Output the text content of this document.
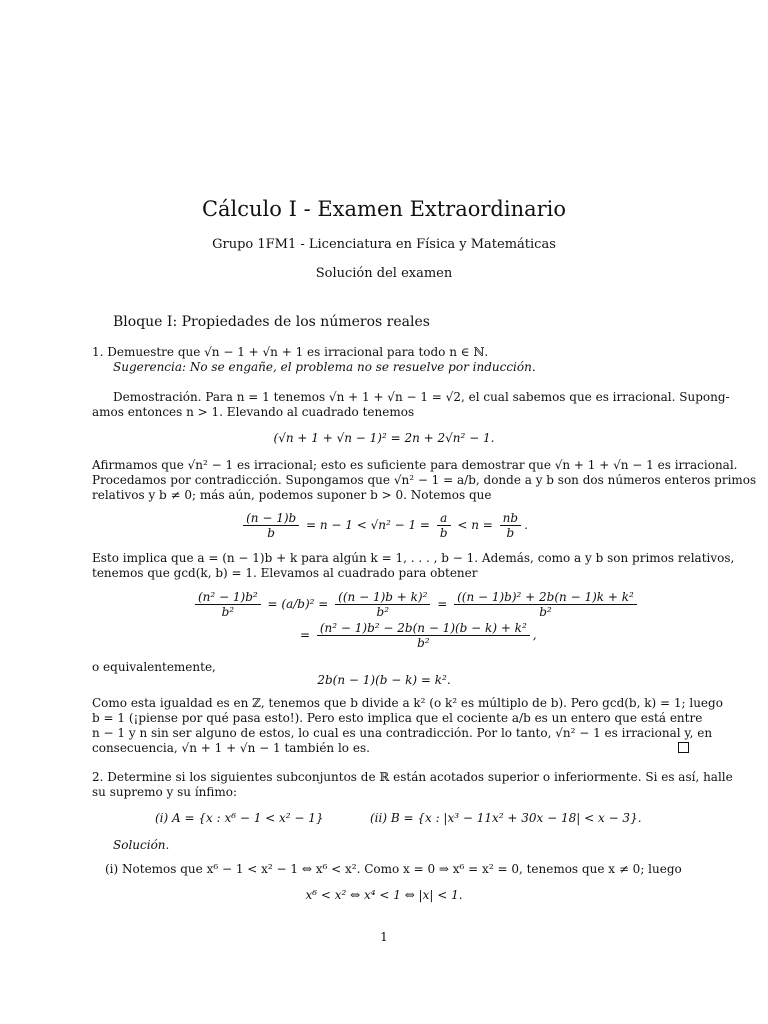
Cálculo I - Examen Extraordinario
Grupo 1FM1 - Licenciatura en Física y Matemáticas
Solución del examen
Bloque I: Propiedades de los números reales
1. Demuestre que √n − 1 + √n + 1 es irracional para todo n ∈ ℕ.
Sugerencia: No se engañe, el problema no se resuelve por inducción.
Demostración. Para n = 1 tenemos √n + 1 + √n − 1 = √2, el cual sabemos que es irracional. Supong-
amos entonces n > 1. Elevando al cuadrado tenemos
(√n + 1 + √n − 1)² = 2n + 2√n² − 1.
Afirmamos que √n² − 1 es irracional; esto es suficiente para demostrar que √n + 1 + √n − 1 es irracional.
Procedamos por contradicción. Supongamos que √n² − 1 = a/b, donde a y b son dos números enteros primos
relativos y b ≠ 0; más aún, podemos suponer b > 0. Notemos que
$\frac{(n - 1)b}{b} = n - 1 < √n^2 - 1 = \frac{a}{b} < n = \frac{nb}{b}$ .
Esto implica que a = (n − 1)b + k para algún k = 1, . . . , b − 1. Además, como a y b son primos relativos,
tenemos que gcd(k, b) = 1. Elevamos al cuadrado para obtener
$\frac{\text{(n² − 1)b²}}{\text{b²}} = (a/b)^2 = \frac{\text{((n − 1)b + k)²}}{\text{b²}} = \frac{\text{((n − 1)b)² + 2b(n − 1)k + k²}}{\text{b²}}$
= $\frac{\text{(n² − 1)b² − 2b(n − 1)(b − k) + k²}}{\text{b²}}$ ,
o equivalentemente,
2b(n − 1)(b − k) = k².
Como esta igualdad es en ℤ, tenemos que b divide a k² (o k² es múltiplo de b). Pero gcd(b, k) = 1; luego
b = 1 (¡piense por qué pasa esto!). Pero esto implica que el cociente a/b es un entero que está entre
n − 1 y n sin ser alguno de estos, lo cual es una contradicción. Por lo tanto, √n² − 1 es irracional y, en
consecuencia, √n + 1 + √n − 1 también lo es.
2. Determine si los siguientes subconjuntos de ℝ están acotados superior o inferiormente. Si es así, halle
su supremo y su ínfimo:
(i) A = {x : x⁶ − 1 < x² − 1}	(ii) B = {x : |x³ − 11x² + 30x − 18| < x − 3}.
Solución.
(i) Notemos que x⁶ − 1 < x² − 1 ⇔ x⁶ < x². Como x = 0 ⇒ x⁶ = x² = 0, tenemos que x ≠ 0; luego
x⁶ < x² ⇔ x⁴ < 1 ⇔ |x| < 1.
1
